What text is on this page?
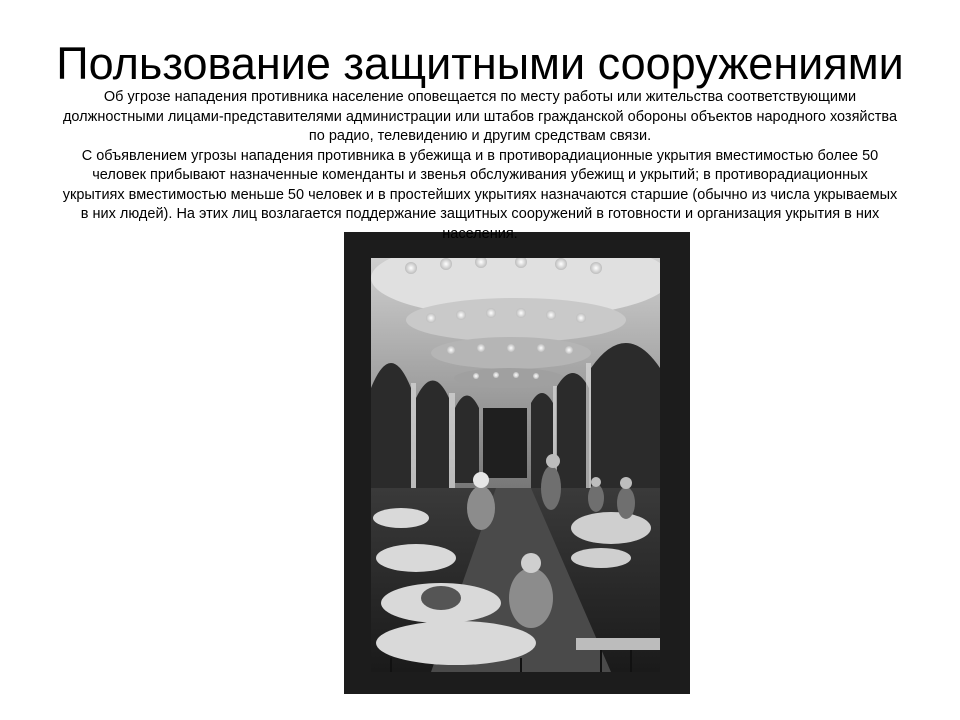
Пользование защитными сооружениями

Об угрозе нападения противника население оповещается по месту работы или жительства соответствующими должностными лицами-представителями администрации или штабов гражданской обороны объектов народного хозяйства по радио, телевидению и другим средствам связи.

С объявлением угрозы нападения противника в убежища и в противорадиационные укрытия вместимостью более 50 человек прибывают назначенные коменданты и звенья обслуживания убежищ и укрытий; в противорадиационных укрытиях вместимостью меньше 50 человек и в простейших укрытиях назначаются старшие (обычно из числа укрываемых в них людей). На этих лиц возлагается поддержание защитных сооружений в готовности и организация укрытия в них населения.
